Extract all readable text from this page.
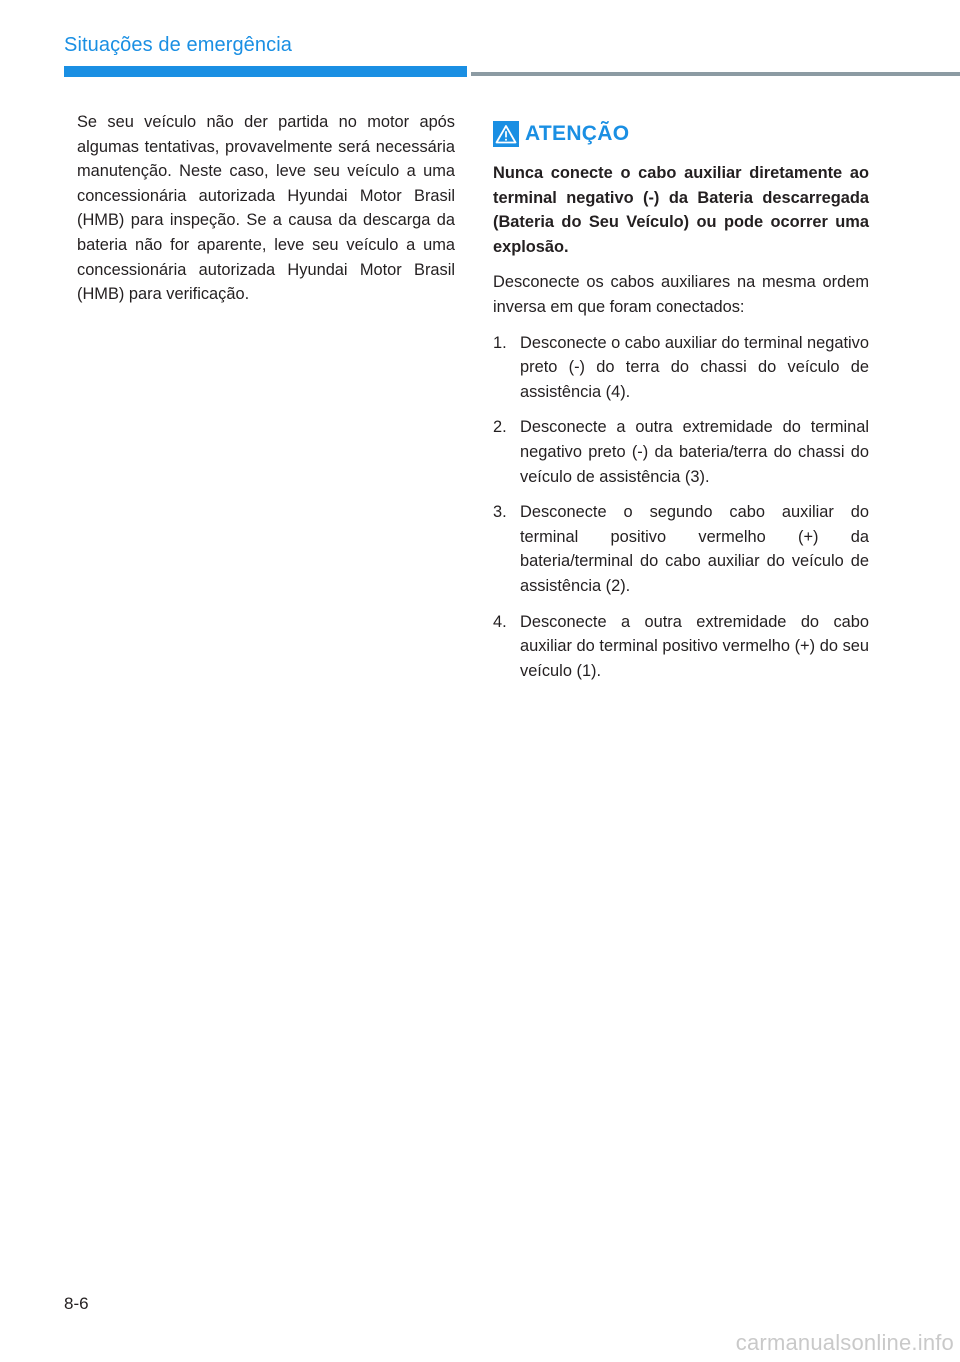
Situações de emergência

Se seu veículo não der partida no motor após algumas tentativas, provavelmente será necessária manutenção. Neste caso, leve seu veículo a uma concessionária autorizada Hyundai Motor Brasil (HMB) para inspeção. Se a causa da descarga da bateria não for aparente, leve seu veículo a uma concessionária autorizada Hyundai Motor Brasil (HMB) para verificação.

ATENÇÃO

Nunca conecte o cabo auxiliar diretamente ao terminal negativo (-) da Bateria descarregada (Bateria do Seu Veículo) ou pode ocorrer uma explosão.

Desconecte os cabos auxiliares na mesma ordem inversa em que foram conectados:

1. Desconecte o cabo auxiliar do terminal negativo preto (-) do terra do chassi do veículo de assistência (4).
2. Desconecte a outra extremidade do terminal negativo preto (-) da bateria/terra do chassi do veículo de assistência (3).
3. Desconecte o segundo cabo auxiliar do terminal positivo vermelho (+) da bateria/terminal do cabo auxiliar do veículo de assistência (2).
4. Desconecte a outra extremidade do cabo auxiliar do terminal positivo vermelho (+) do seu veículo (1).
8-6
carmanualsonline.info
